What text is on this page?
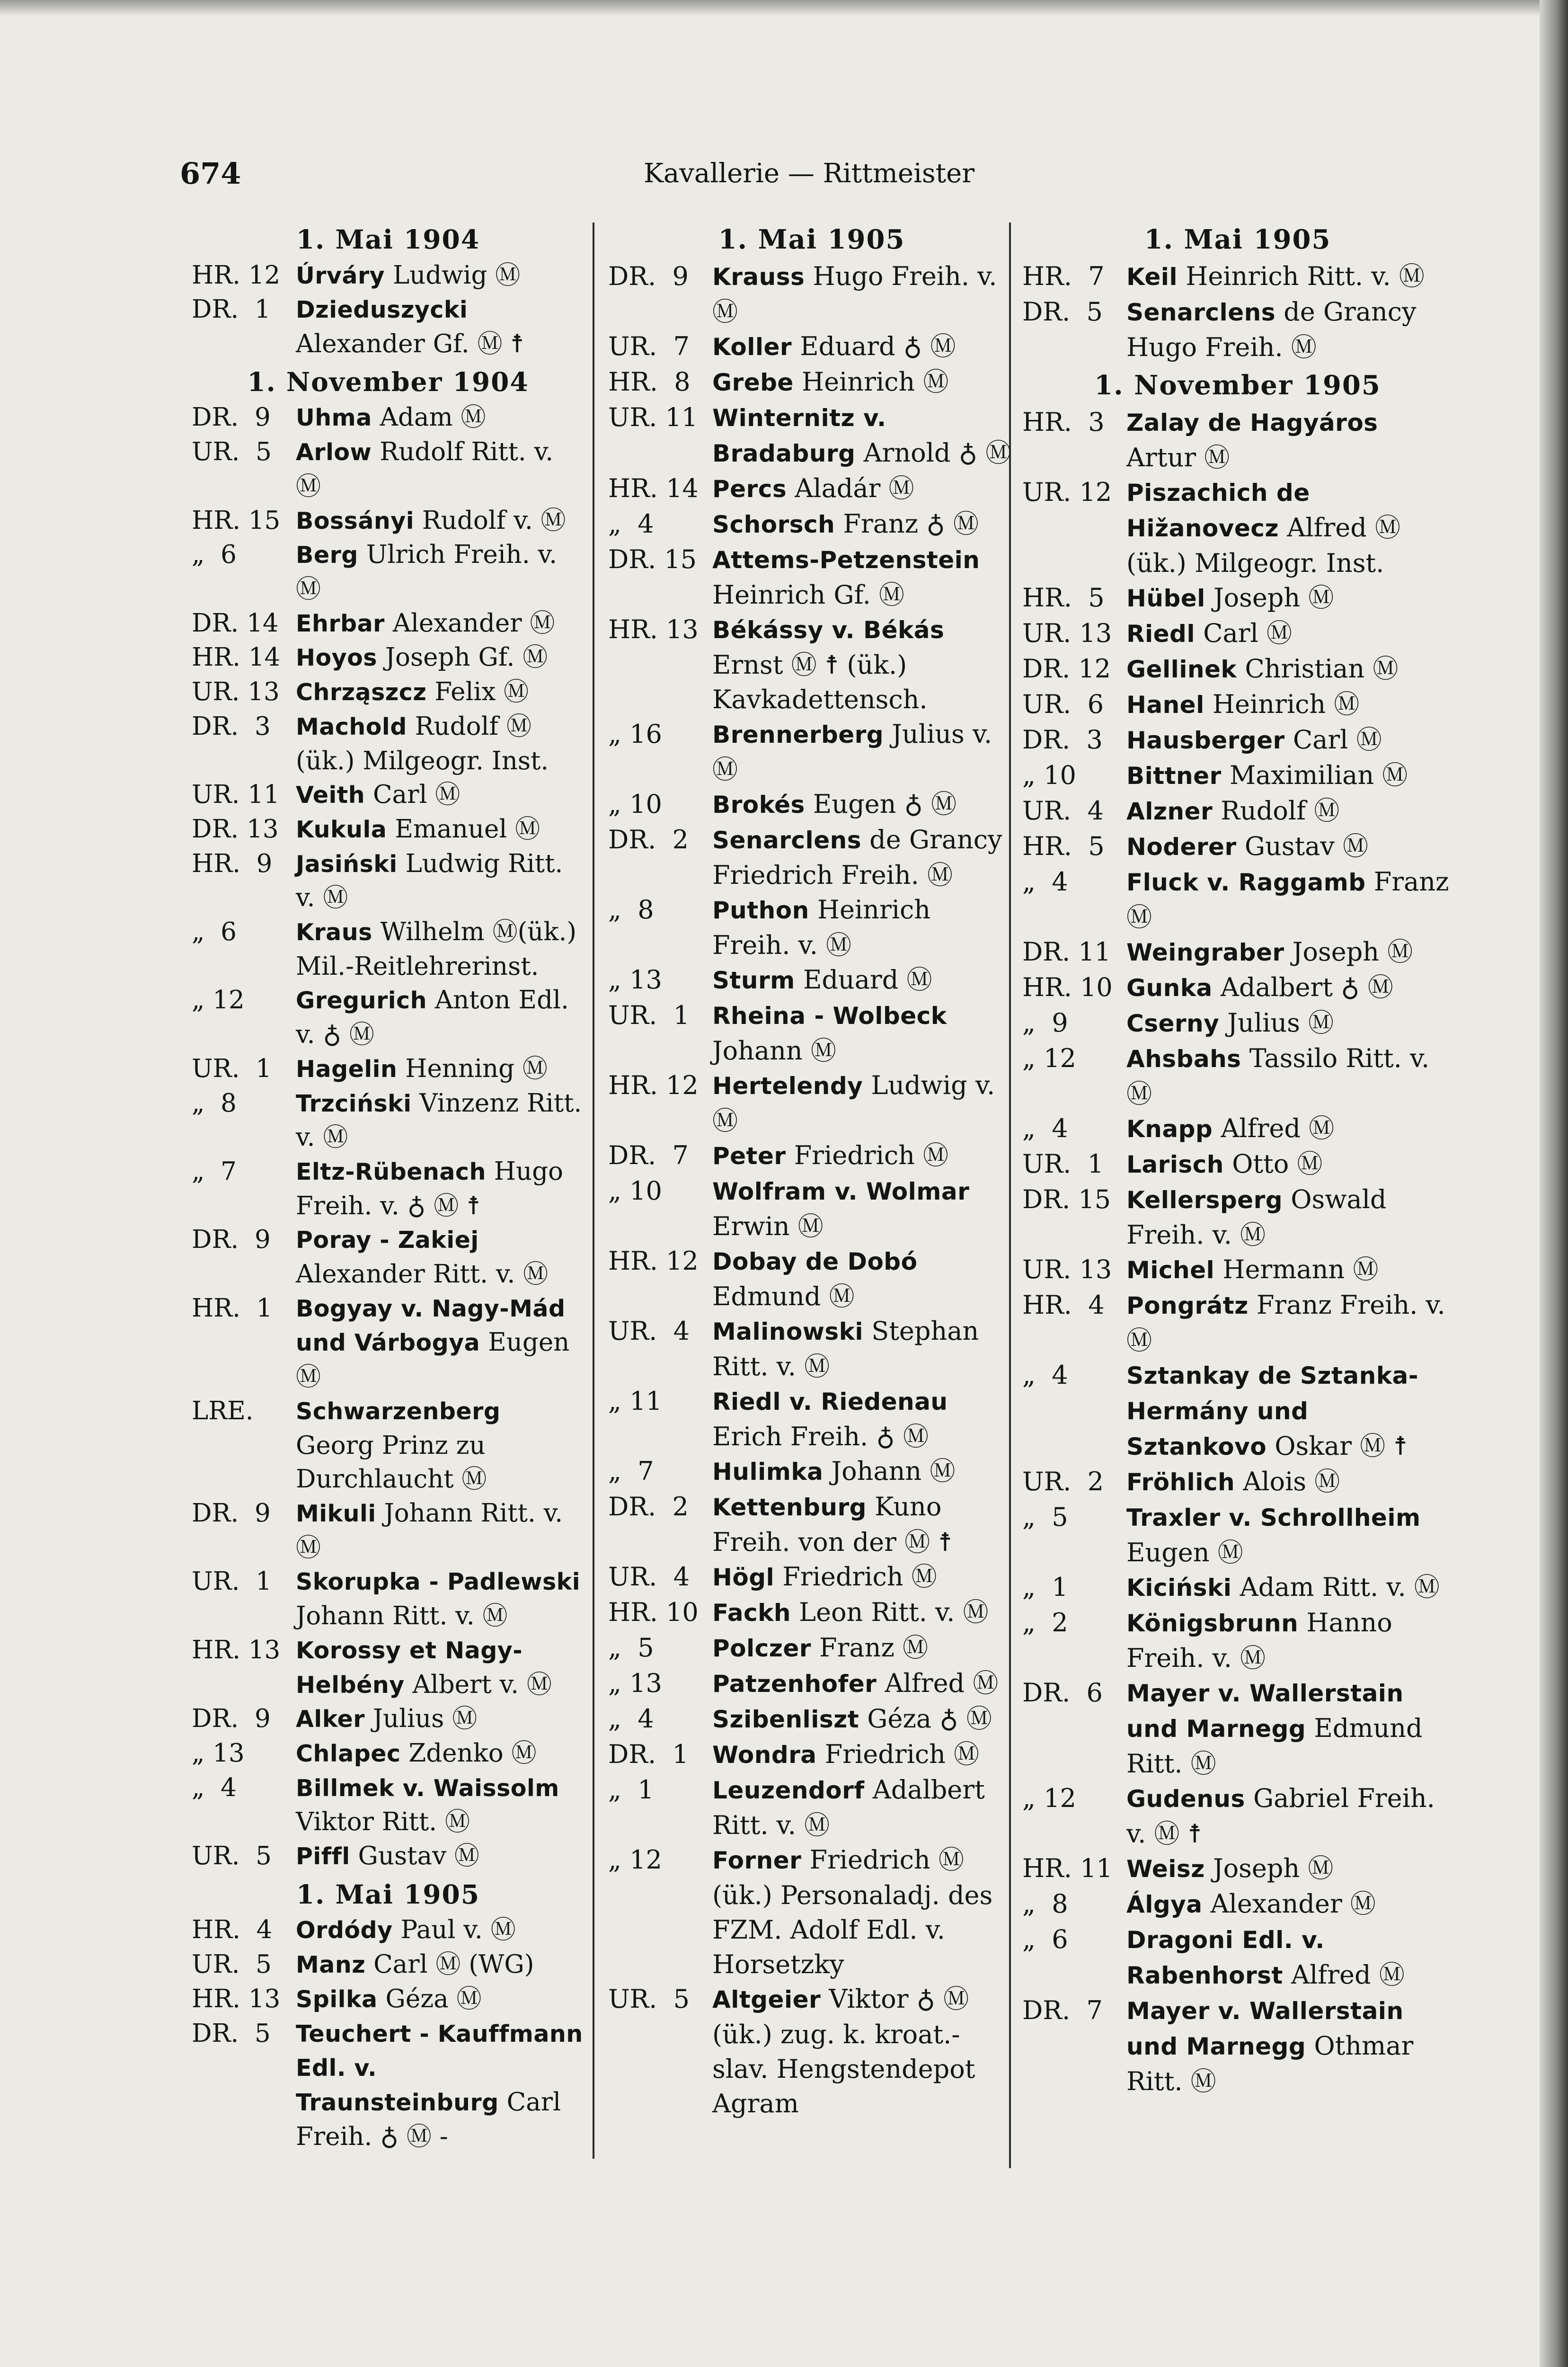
674	Kavallerie — Rittmeister
1. Mai 1904
HR. 12 Úrváry Ludwig Ⓜ
DR.  1	Dzieduszycki Alexander Gf. Ⓜ ☨
1. November 1904
DR.  9	Uhma Adam Ⓜ
UR.  5	Arlow Rudolf Ritt. v. Ⓜ
HR. 15 Bossányi Rudolf v. Ⓜ
„  6	Berg Ulrich Freih. v. Ⓜ
DR. 14 Ehrbar Alexander Ⓜ
HR. 14 Hoyos Joseph Gf. Ⓜ
UR. 13 Chrząszcz Felix Ⓜ
DR.  3	Machold Rudolf Ⓜ (ük.) Milgeogr. Inst.
UR. 11 Veith Carl Ⓜ
DR. 13 Kukula Emanuel Ⓜ
HR.  9	Jasiński Ludwig Ritt. v. Ⓜ
„  6	Kraus Wilhelm Ⓜ(ük.) Mil.-Reitlehrerinst.
„ 12	Gregurich Anton Edl. v. ♁ Ⓜ
UR.  1	Hagelin Henning Ⓜ
„  8	Trzciński Vinzenz Ritt. v. Ⓜ
„  7	Eltz-Rübenach Hugo Freih. v. ♁ Ⓜ ☨
DR.  9	Poray - Zakiej Alexander Ritt. v. Ⓜ
HR.  1	Bogyay v. Nagy-Mád und Várbogya Eugen Ⓜ
LRE.	Schwarzenberg Georg Prinz zu Durchlaucht Ⓜ
DR.  9	Mikuli Johann Ritt. v. Ⓜ
UR.  1	Skorupka - Padlewski Johann Ritt. v. Ⓜ
HR. 13 Korossy et Nagy-Helbény Albert v. Ⓜ
DR.  9	Alker Julius Ⓜ
„ 13	Chlapec Zdenko Ⓜ
„  4	Billmek v. Waissolm Viktor Ritt. Ⓜ
UR.  5	Piffl Gustav Ⓜ
1. Mai 1905
HR.  4	Ordódy Paul v. Ⓜ
UR.  5	Manz Carl Ⓜ (WG)
HR. 13 Spilka Géza Ⓜ
DR.  5	Teuchert - Kauffmann Edl. v. Traunsteinburg Carl Freih. ♁ Ⓜ -
1. Mai 1905
DR.  9	Krauss Hugo Freih. v. Ⓜ
UR.  7 Koller Eduard ♁ Ⓜ
HR.  8 Grebe Heinrich Ⓜ
UR. 11 Winternitz v. Bradaburg Arnold ♁ Ⓜ
HR. 14 Percs Aladár Ⓜ
„  4	Schorsch Franz ♁ Ⓜ
DR. 15 Attems-Petzenstein Heinrich Gf. Ⓜ
HR. 13 Békássy v. Békás Ernst Ⓜ ☨ (ük.) Kavkadettensch.
„ 16	Brennerberg Julius v. Ⓜ
„ 10	Brokés Eugen ♁ Ⓜ
DR.  2	Senarclens de Grancy Friedrich Freih. Ⓜ
„  8	Puthon Heinrich Freih. v. Ⓜ
„ 13	Sturm Eduard Ⓜ
UR.  1 Rheina - Wolbeck Johann Ⓜ
HR. 12 Hertelendy Ludwig v. Ⓜ
DR.  7	Peter Friedrich Ⓜ
„ 10	Wolfram v. Wolmar Erwin Ⓜ
HR. 12 Dobay de Dobó Edmund Ⓜ
UR.  4 Malinowski Stephan Ritt. v. Ⓜ
„ 11	Riedl v. Riedenau Erich Freih. ♁ Ⓜ
„  7	Hulimka Johann Ⓜ
DR.  2	Kettenburg Kuno Freih. von der Ⓜ ☨
UR.  4 Högl Friedrich Ⓜ
HR. 10 Fackh Leon Ritt. v. Ⓜ
„  5	Polczer Franz Ⓜ
„ 13	Patzenhofer Alfred Ⓜ
„  4	Szibenliszt Géza ♁ Ⓜ
DR.  1	Wondra Friedrich Ⓜ
„  1	Leuzendorf Adalbert Ritt. v. Ⓜ
„ 12	Forner Friedrich Ⓜ (ük.) Personaladj. des FZM. Adolf Edl. v. Horsetzky
UR.  5 Altgeier Viktor ♁ Ⓜ (ük.) zug. k. kroat.-slav. Hengstendepot Agram
1. Mai 1905
HR.  7 Keil Heinrich Ritt. v. Ⓜ
DR.  5	Senarclens de Grancy Hugo Freih. Ⓜ
1. November 1905
HR.  3 Zalay de Hagyáros Artur Ⓜ
UR. 12 Piszachich de Hižanovecz Alfred Ⓜ (ük.) Milgeogr. Inst.
HR.  5 Hübel Joseph Ⓜ
UR. 13 Riedl Carl Ⓜ
DR. 12 Gellinek Christian Ⓜ
UR.  6 Hanel Heinrich Ⓜ
DR.  3	Hausberger Carl Ⓜ
„ 10	Bittner Maximilian Ⓜ
UR.  4 Alzner Rudolf Ⓜ
HR.  5 Noderer Gustav Ⓜ
„  4	Fluck v. Raggamb Franz Ⓜ
DR. 11 Weingraber Joseph Ⓜ
HR. 10 Gunka Adalbert ♁ Ⓜ
„  9	Cserny Julius Ⓜ
„ 12	Ahsbahs Tassilo Ritt. v. Ⓜ
„  4	Knapp Alfred Ⓜ
UR.  1 Larisch Otto Ⓜ
DR. 15 Kellersperg Oswald Freih. v. Ⓜ
UR. 13 Michel Hermann Ⓜ
HR.  4 Pongrátz Franz Freih. v. Ⓜ
„  4	Sztankay de Sztanka-Hermány und Sztankovo Oskar Ⓜ ☨
UR.  2 Fröhlich Alois Ⓜ
„  5	Traxler v. Schrollheim Eugen Ⓜ
„  1	Kiciński Adam Ritt. v. Ⓜ
„  2	Königsbrunn Hanno Freih. v. Ⓜ
DR.  6	Mayer v. Wallerstain und Marnegg Edmund Ritt. Ⓜ
„ 12	Gudenus Gabriel Freih. v. Ⓜ ☨
HR. 11 Weisz Joseph Ⓜ
„  8	Álgya Alexander Ⓜ
„  6	Dragoni Edl. v. Rabenhorst Alfred Ⓜ
DR.  7	Mayer v. Wallerstain und Marnegg Othmar Ritt. Ⓜ
